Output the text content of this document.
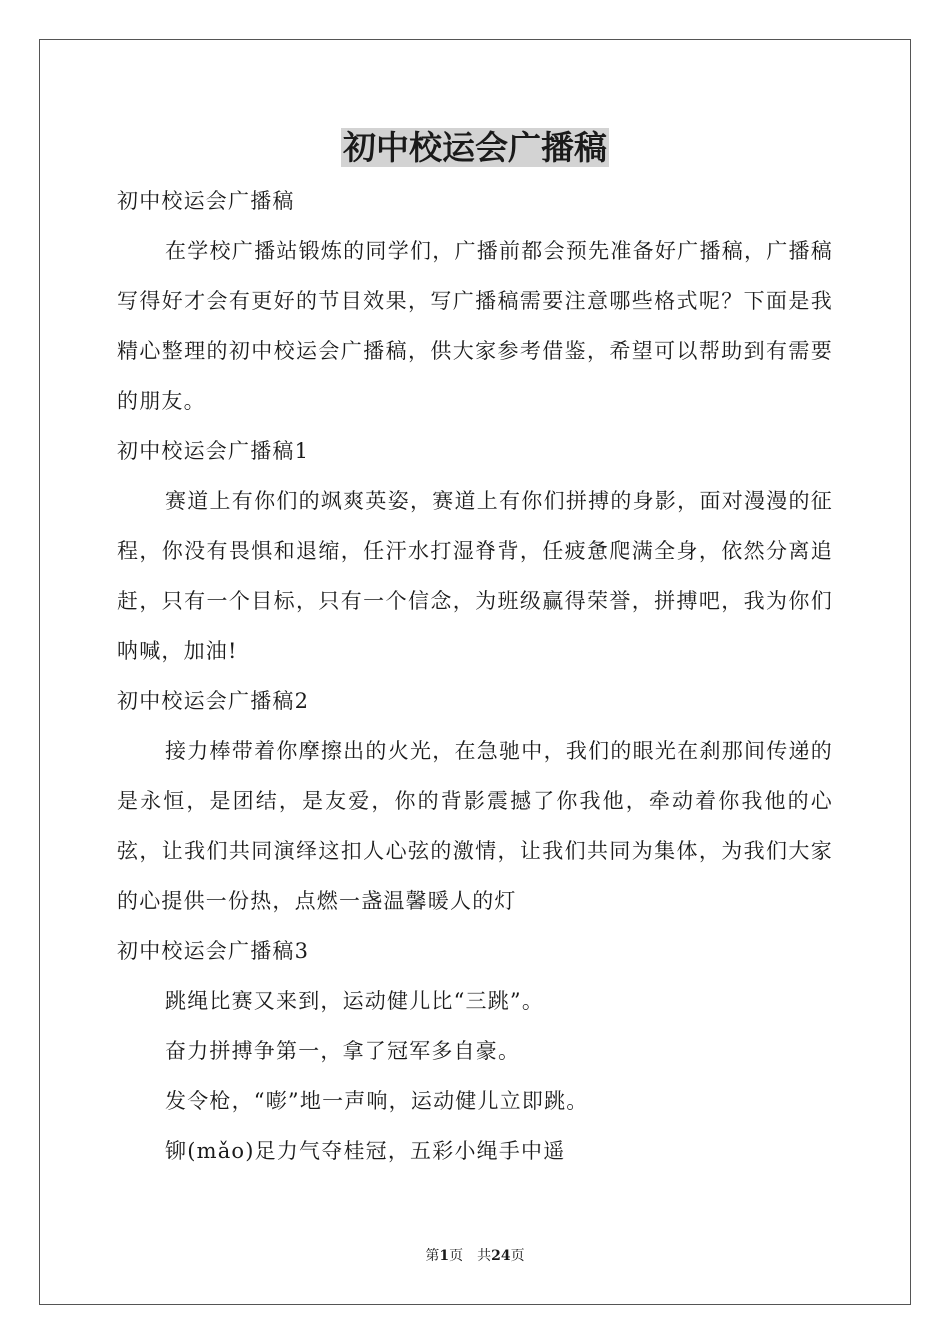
初中校运会广播稿

初中校运会广播稿

在学校广播站锻炼的同学们，广播前都会预先准备好广播稿，广播稿写得好才会有更好的节目效果，写广播稿需要注意哪些格式呢？下面是我精心整理的初中校运会广播稿，供大家参考借鉴，希望可以帮助到有需要的朋友。

初中校运会广播稿1

赛道上有你们的飒爽英姿，赛道上有你们拼搏的身影，面对漫漫的征程，你没有畏惧和退缩，任汗水打湿脊背，任疲惫爬满全身，依然分离追赶，只有一个目标，只有一个信念，为班级赢得荣誉，拼搏吧，我为你们呐喊，加油!

初中校运会广播稿2

接力棒带着你摩擦出的火光，在急驰中，我们的眼光在刹那间传递的是永恒，是团结，是友爱，你的背影震撼了你我他，牵动着你我他的心弦，让我们共同演绎这扣人心弦的激情，让我们共同为集体，为我们大家的心提供一份热，点燃一盏温馨暖人的灯

初中校运会广播稿3

跳绳比赛又来到，运动健儿比“三跳”。

奋力拼搏争第一，拿了冠军多自豪。

发令枪，“嘭”地一声响，运动健儿立即跳。

铆(mǎo)足力气夺桂冠，五彩小绳手中遥

第1页　共24页
